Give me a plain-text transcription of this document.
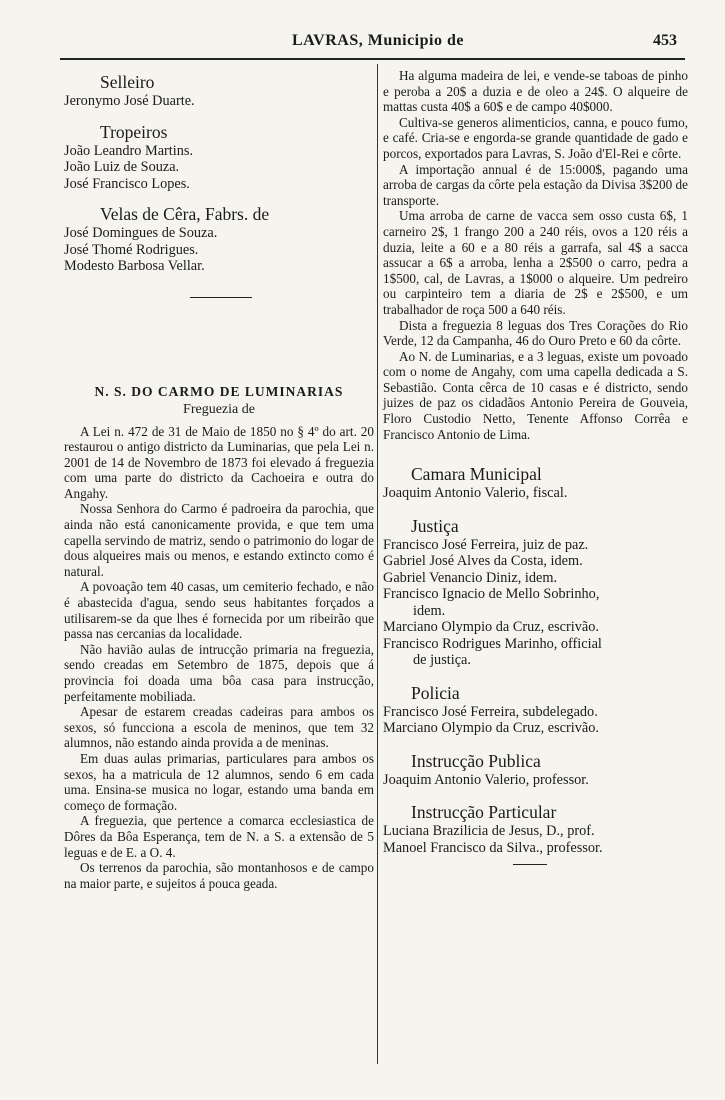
LAVRAS, Municipio de	453

Selleiro

Jeronymo José Duarte.

Tropeiros

João Leandro Martins.

João Luiz de Souza.

José Francisco Lopes.

Velas de Cêra, Fabrs. de

José Domingues de Souza.

José Thomé Rodrigues.

Modesto Barbosa Vellar.

N. S. DO CARMO DE LUMINARIAS

Freguezia de

A Lei n. 472 de 31 de Maio de 1850 no § 4º do art. 20 restaurou o antigo districto da Luminarias, que pela Lei n. 2001 de 14 de Novembro de 1873 foi elevado á freguezia com uma parte do districto da Cachoeira e outra do Angahy.

Nossa Senhora do Carmo é padroeira da parochia, que ainda não está canonicamente provida, e que tem uma capella servindo de matriz, sendo o patrimonio do logar de dous alqueires mais ou menos, e estando extincto como é natural.

A povoação tem 40 casas, um cemiterio fechado, e não é abastecida d'agua, sendo seus habitantes forçados a utilisarem-se da que lhes é fornecida por um ribeirão que passa nas cercanias da localidade.

Não havião aulas de intrucção primaria na freguezia, sendo creadas em Setembro de 1875, depois que á provincia foi doada uma bôa casa para instrucção, perfeitamente mobiliada.

Apesar de estarem creadas cadeiras para ambos os sexos, só funcciona a escola de meninos, que tem 32 alumnos, não estando ainda provida a de meninas.

Em duas aulas primarias, particulares para ambos os sexos, ha a matricula de 12 alumnos, sendo 6 em cada uma. Ensina-se musica no logar, estando uma banda em começo de formação.

A freguezia, que pertence a comarca ecclesiastica de Dôres da Bôa Esperança, tem de N. a S. a extensão de 5 leguas e de E. a O. 4.

Os terrenos da parochia, são montanhosos e de campo na maior parte, e sujeitos á pouca geada.

Ha alguma madeira de lei, e vende-se taboas de pinho e peroba a 20$ a duzia e de oleo a 24$. O alqueire de mattas custa 40$ a 60$ e de campo 40$000.

Cultiva-se generos alimenticios, canna, e pouco fumo, e café. Cria-se e engorda-se grande quantidade de gado e porcos, exportados para Lavras, S. João d'El-Rei e côrte.

A importação annual é de 15:000$, pagando uma arroba de cargas da côrte pela estação da Divisa 3$200 de transporte.

Uma arroba de carne de vacca sem osso custa 6$, 1 carneiro 2$, 1 frango 200 a 240 réis, ovos a 120 réis a duzia, leite a 60 e a 80 réis a garrafa, sal 4$ a sacca assucar a 6$ a arroba, lenha a 2$500 o carro, pedra a 1$500, cal, de Lavras, a 1$000 o alqueire. Um pedreiro ou carpinteiro tem a diaria de 2$ e 2$500, e um trabalhador de roça 500 a 640 réis.

Dista a freguezia 8 leguas dos Tres Corações do Rio Verde, 12 da Campanha, 46 do Ouro Preto e 60 da côrte.

Ao N. de Luminarias, e a 3 leguas, existe um povoado com o nome de Angahy, com uma capella dedicada a S. Sebastião. Conta cêrca de 10 casas e é districto, sendo juizes de paz os cidadãos Antonio Pereira de Gouveia, Floro Custodio Netto, Tenente Affonso Corrêa e Francisco Antonio de Lima.

Camara Municipal

Joaquim Antonio Valerio, fiscal.

Justiça

Francisco José Ferreira, juiz de paz.

Gabriel José Alves da Costa, idem.

Gabriel Venancio Diniz, idem.

Francisco Ignacio de Mello Sobrinho,

idem.

Marciano Olympio da Cruz, escrivão.

Francisco Rodrigues Marinho, official

de justiça.

Policia

Francisco José Ferreira, subdelegado.

Marciano Olympio da Cruz, escrivão.

Instrucção Publica

Joaquim Antonio Valerio, professor.

Instrucção Particular

Luciana Brazilicia de Jesus, D., prof.

Manoel Francisco da Silva., professor.
